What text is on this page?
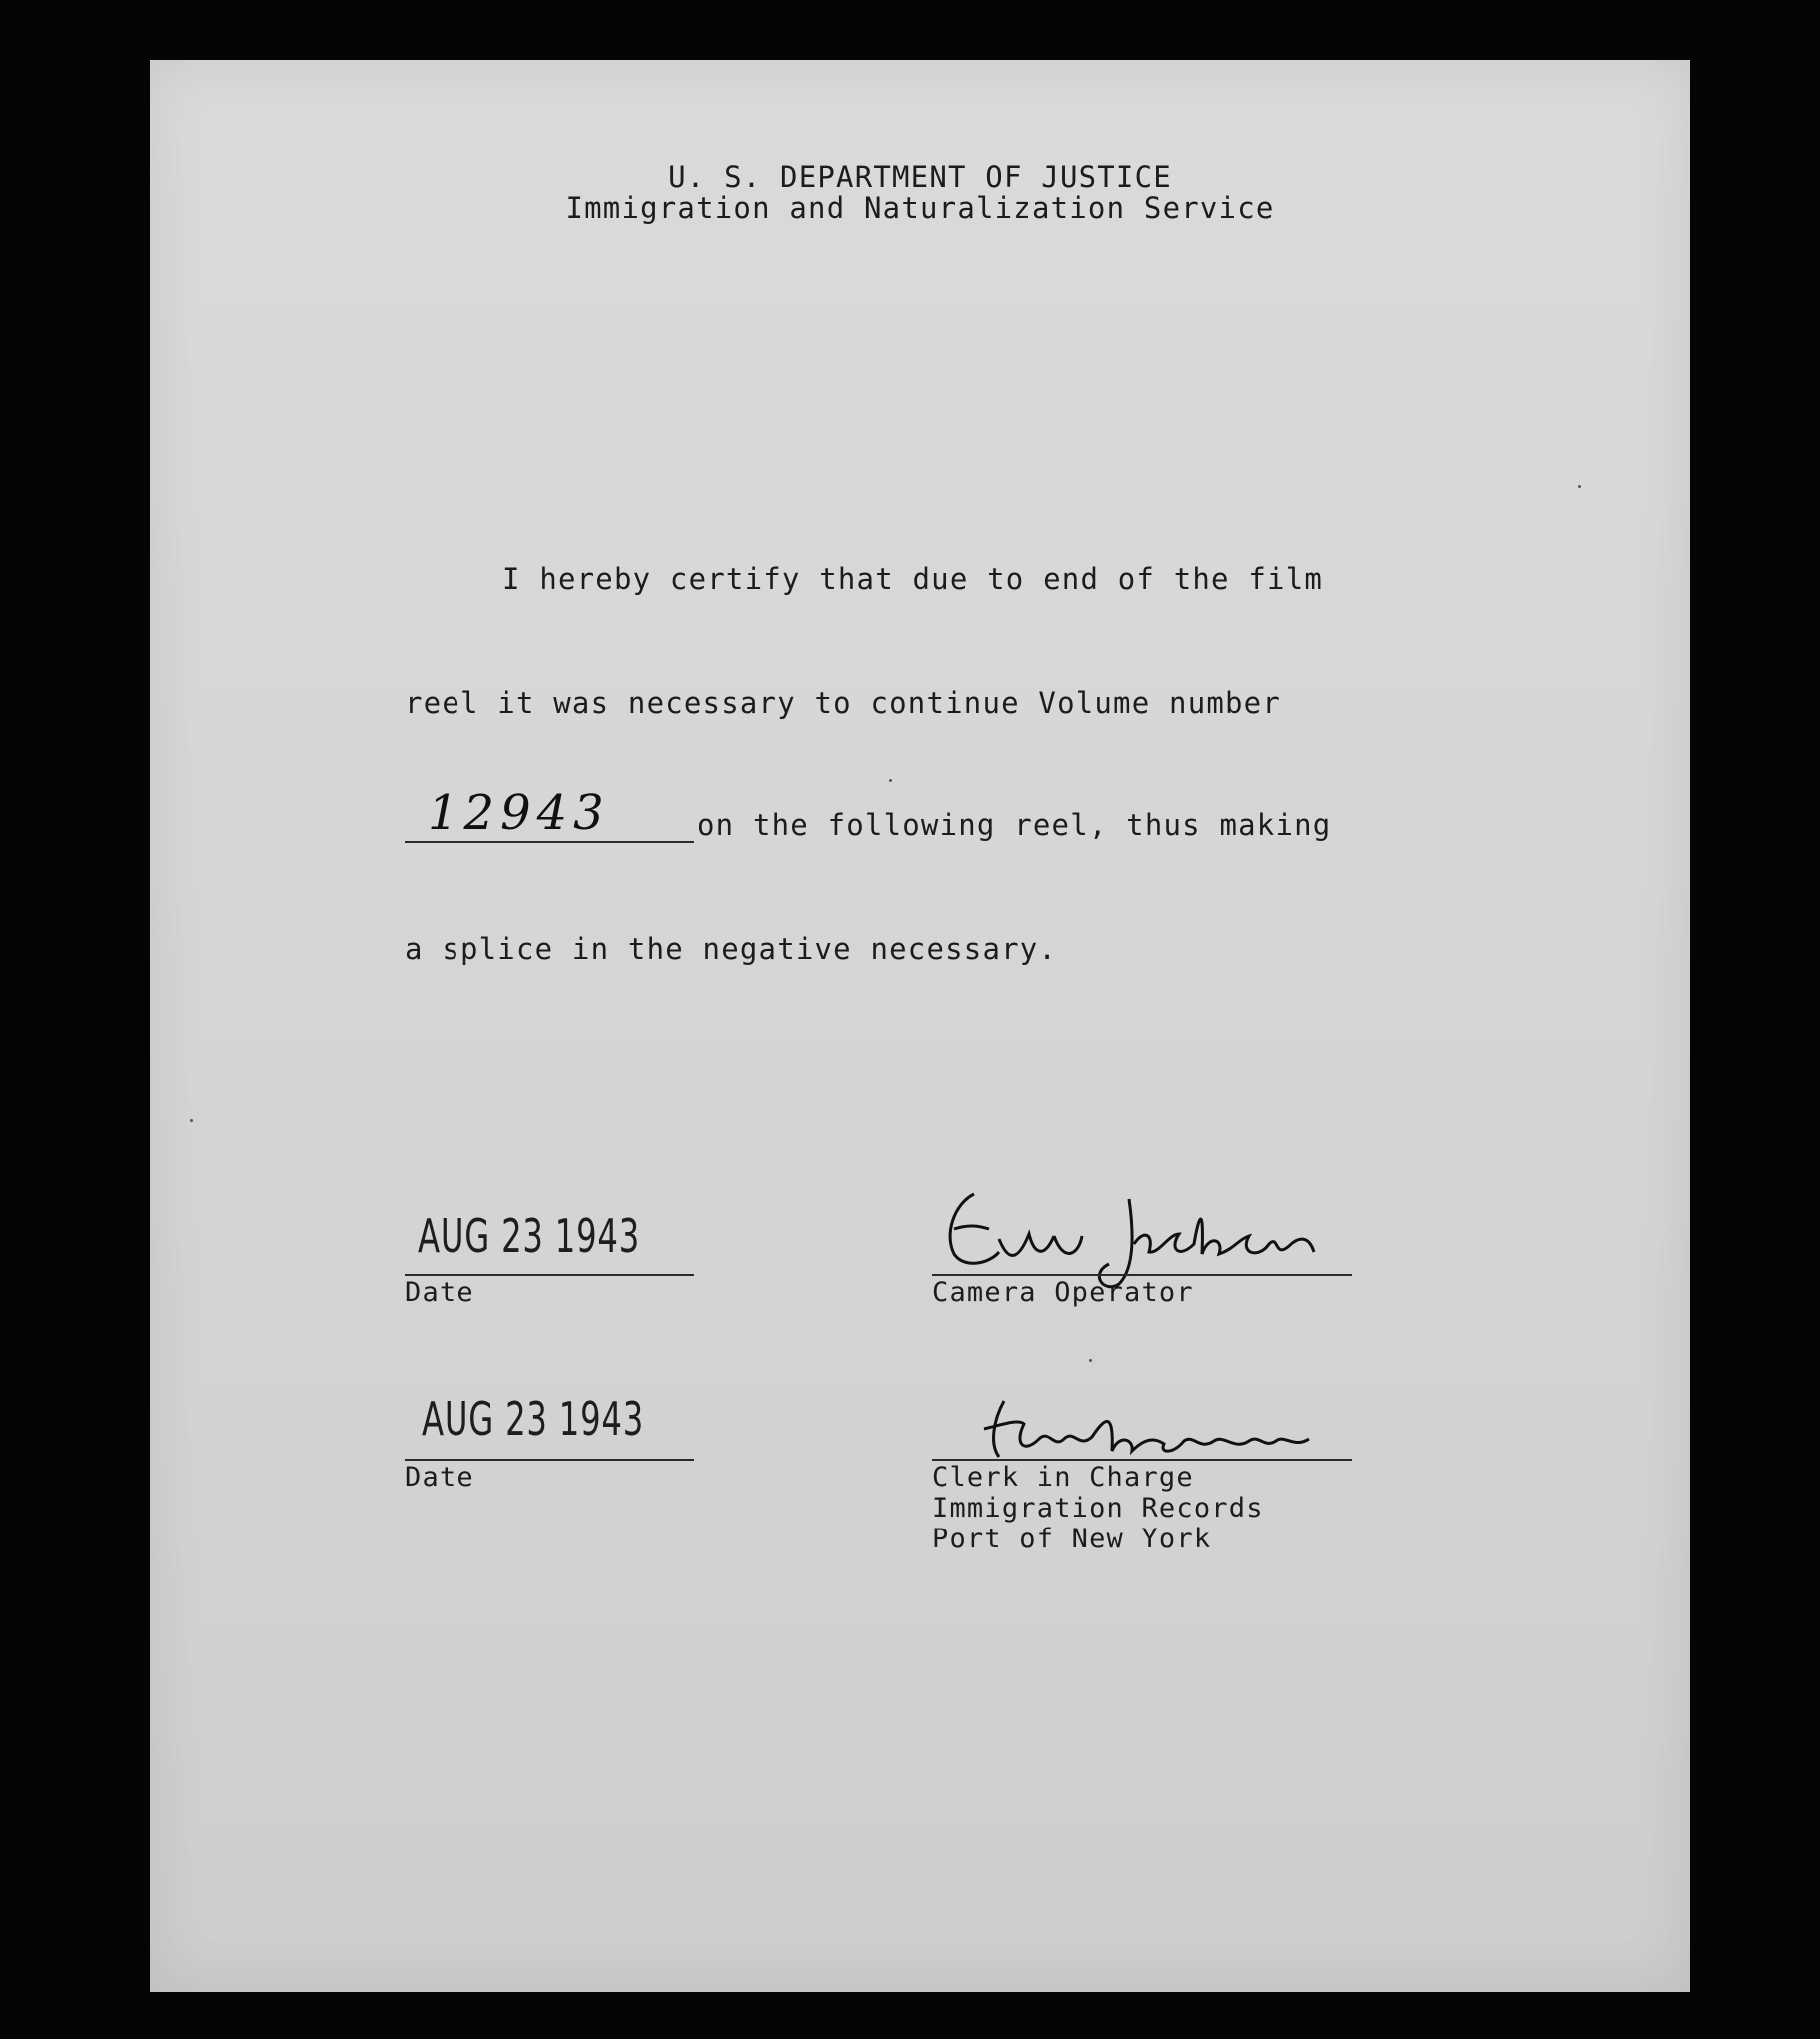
U. S. DEPARTMENT OF JUSTICE
Immigration and Naturalization Service
I hereby certify that due to end of the film
reel it was necessary to continue Volume number
12943	on the following reel, thus making
a splice in the negative necessary.
AUG 23 1943
Date	Camera Operator
AUG 23 1943
Date	Clerk in Charge
Immigration Records
Port of New York
